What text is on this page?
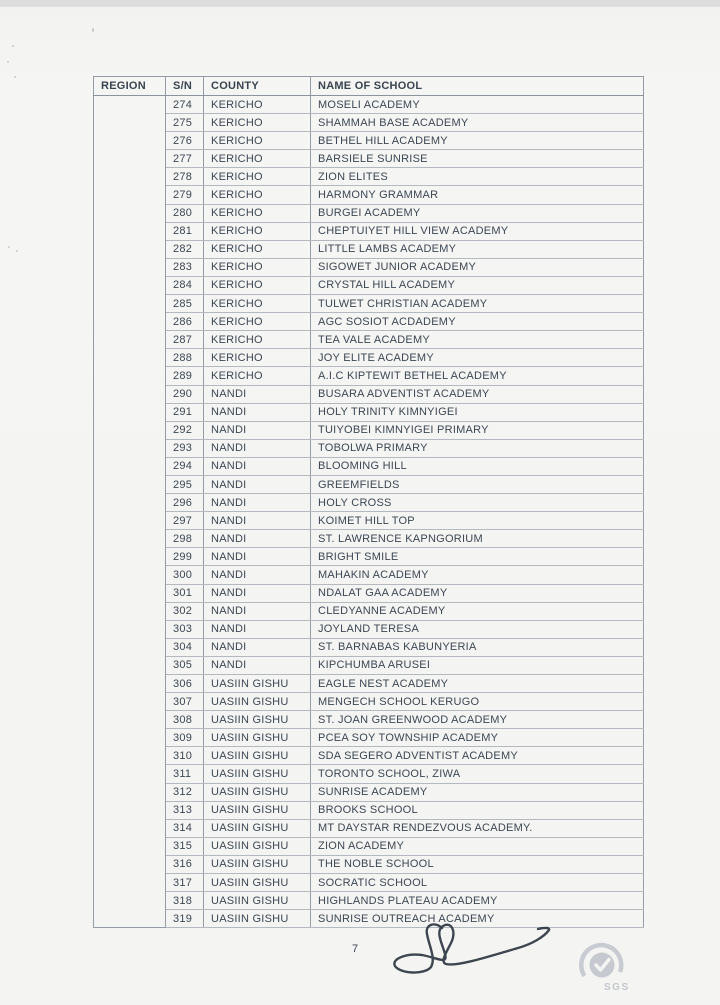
REGION	S/N	COUNTY	NAME OF SCHOOL
	274	KERICHO	MOSELI ACADEMY
	275	KERICHO	SHAMMAH BASE ACADEMY
	276	KERICHO	BETHEL HILL ACADEMY
	277	KERICHO	BARSIELE SUNRISE
	278	KERICHO	ZION ELITES
	279	KERICHO	HARMONY GRAMMAR
	280	KERICHO	BURGEI ACADEMY
	281	KERICHO	CHEPTUIYET HILL VIEW ACADEMY
	282	KERICHO	LITTLE LAMBS ACADEMY
	283	KERICHO	SIGOWET JUNIOR ACADEMY
	284	KERICHO	CRYSTAL HILL ACADEMY
	285	KERICHO	TULWET CHRISTIAN ACADEMY
	286	KERICHO	AGC SOSIOT ACDADEMY
	287	KERICHO	TEA VALE ACADEMY
	288	KERICHO	JOY ELITE ACADEMY
	289	KERICHO	A.I.C KIPTEWIT BETHEL ACADEMY
	290	NANDI	BUSARA ADVENTIST ACADEMY
	291	NANDI	HOLY TRINITY KIMNYIGEI
	292	NANDI	TUIYOBEI KIMNYIGEI PRIMARY
	293	NANDI	TOBOLWA PRIMARY
	294	NANDI	BLOOMING HILL
	295	NANDI	GREEMFIELDS
	296	NANDI	HOLY CROSS
	297	NANDI	KOIMET HILL TOP
	298	NANDI	ST. LAWRENCE KAPNGORIUM
	299	NANDI	BRIGHT SMILE
	300	NANDI	MAHAKIN ACADEMY
	301	NANDI	NDALAT GAA ACADEMY
	302	NANDI	CLEDYANNE ACADEMY
	303	NANDI	JOYLAND TERESA
	304	NANDI	ST. BARNABAS KABUNYERIA
	305	NANDI	KIPCHUMBA ARUSEI
	306	UASIIN GISHU	EAGLE NEST ACADEMY
	307	UASIIN GISHU	MENGECH SCHOOL KERUGO
	308	UASIIN GISHU	ST. JOAN GREENWOOD ACADEMY
	309	UASIIN GISHU	PCEA SOY TOWNSHIP ACADEMY
	310	UASIIN GISHU	SDA SEGERO ADVENTIST ACADEMY
	311	UASIIN GISHU	TORONTO SCHOOL, ZIWA
	312	UASIIN GISHU	SUNRISE ACADEMY
	313	UASIIN GISHU	BROOKS SCHOOL
	314	UASIIN GISHU	MT DAYSTAR RENDEZVOUS ACADEMY.
	315	UASIIN GISHU	ZION ACADEMY
	316	UASIIN GISHU	THE NOBLE SCHOOL
	317	UASIIN GISHU	SOCRATIC SCHOOL
	318	UASIIN GISHU	HIGHLANDS PLATEAU ACADEMY
	319	UASIIN GISHU	SUNRISE OUTREACH ACADEMY
7
SGS
